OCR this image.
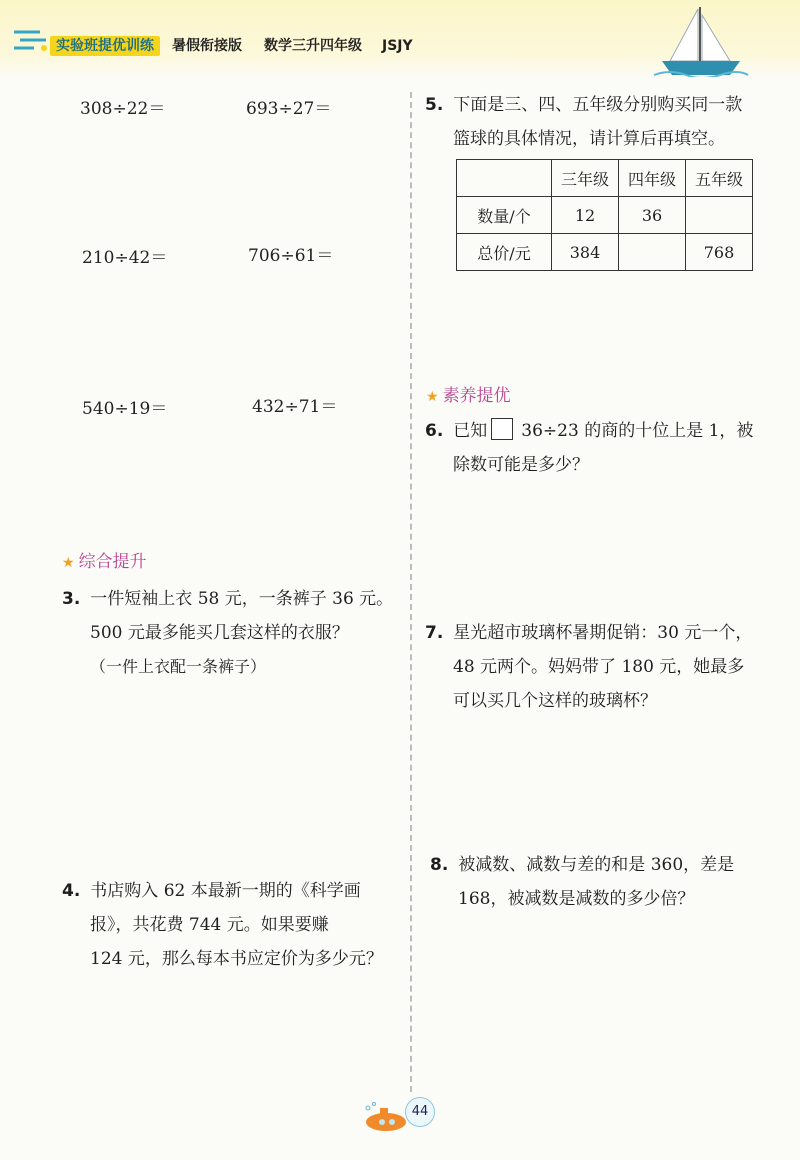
实验班提优训练	暑假衔接版 数学三升四年级 JSJY
308÷22＝	693÷27＝
210÷42＝	706÷61＝
540÷19＝	432÷71＝
★ 综合提升
3. 一件短袖上衣 58 元，一条裤子 36 元。
500 元最多能买几套这样的衣服？
（一件上衣配一条裤子）
4. 书店购入 62 本最新一期的《科学画
报》，共花费 744 元。如果要赚
124 元，那么每本书应定价为多少元？
5. 下面是三、四、五年级分别购买同一款
篮球的具体情况，请计算后再填空。
	三年级	四年级	五年级
数量/个	12	36	
总价/元	384		768
★ 素养提优
6. 已知 36÷23 的商的十位上是 1，被
除数可能是多少？
7. 星光超市玻璃杯暑期促销：30 元一个，
48 元两个。妈妈带了 180 元，她最多
可以买几个这样的玻璃杯？
8. 被减数、减数与差的和是 360，差是
168，被减数是减数的多少倍？
44
